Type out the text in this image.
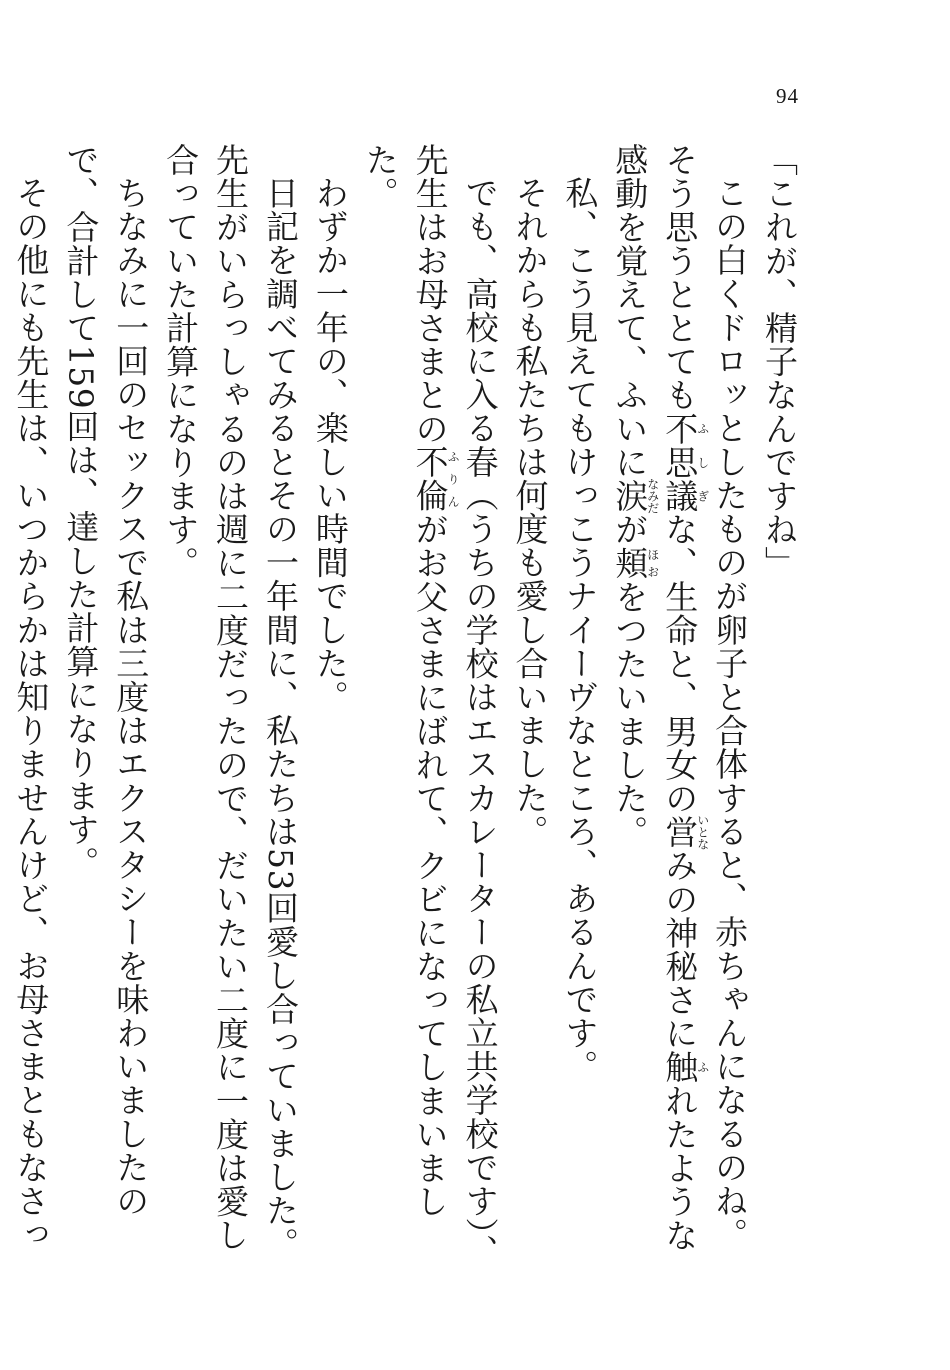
94

「これが、精子なんですね」

この白くドロッとしたものが卵子と合体すると、赤ちゃんになるのね。そう思うととても不思議ふしぎな、生命と、男女の営いとなみの神秘さに触ふれたような感動を覚えて、ふいに涙なみだが頬ほおをつたいました。

私、こう見えてもけっこうナイーヴなところ、あるんです。

それからも私たちは何度も愛し合いました。

でも、高校に入る春（うちの学校はエスカレーターの私立共学校です）、先生はお母さまとの不倫ふりんがお父さまにばれて、クビになってしまいました。

わずか一年の、楽しい時間でした。

日記を調べてみるとその一年間に、私たちは53回愛し合っていました。先生がいらっしゃるのは週に二度だったので、だいたい二度に一度は愛し合っていた計算になります。

ちなみに一回のセックスで私は三度はエクスタシーを味わいましたので、合計して159回は、達した計算になります。

その他にも先生は、いつからかは知りませんけど、お母さまともなさっ
